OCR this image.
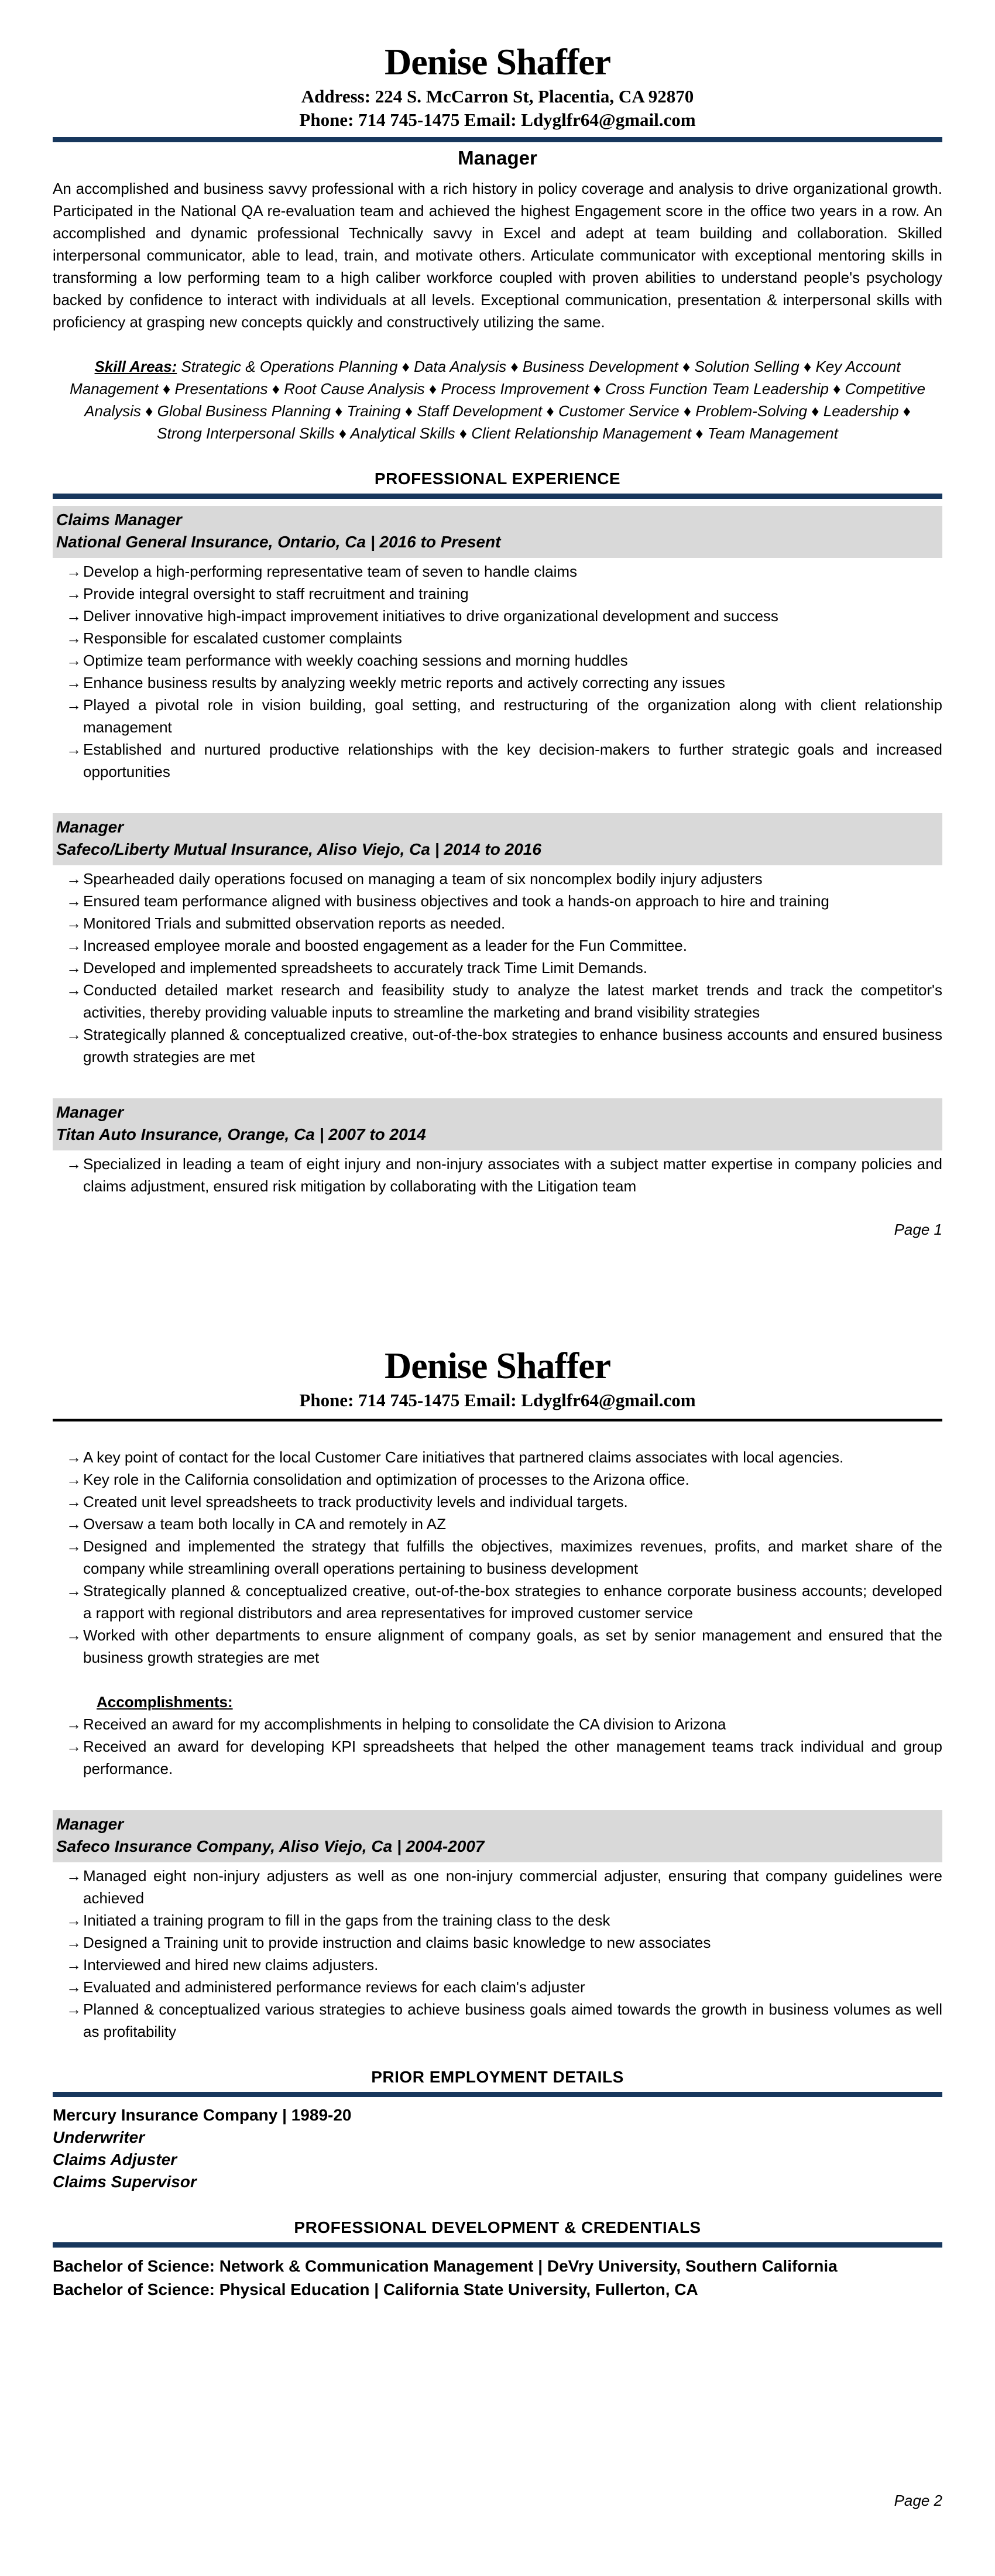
Denise Shaffer
Address: 224 S. McCarron St, Placentia, CA 92870
Phone: 714 745-1475 Email: Ldyglfr64@gmail.com
Manager

An accomplished and business savvy professional with a rich history in policy coverage and analysis to drive organizational growth. Participated in the National QA re-evaluation team and achieved the highest Engagement score in the office two years in a row. An accomplished and dynamic professional Technically savvy in Excel and adept at team building and collaboration. Skilled interpersonal communicator, able to lead, train, and motivate others. Articulate communicator with exceptional mentoring skills in transforming a low performing team to a high caliber workforce coupled with proven abilities to understand people's psychology backed by confidence to interact with individuals at all levels. Exceptional communication, presentation & interpersonal skills with proficiency at grasping new concepts quickly and constructively utilizing the same.

Skill Areas: Strategic & Operations Planning ♦ Data Analysis ♦ Business Development ♦ Solution Selling ♦ Key Account Management ♦ Presentations ♦ Root Cause Analysis ♦ Process Improvement ♦ Cross Function Team Leadership ♦ Competitive Analysis ♦ Global Business Planning ♦ Training ♦ Staff Development ♦ Customer Service ♦ Problem-Solving ♦ Leadership ♦ Strong Interpersonal Skills ♦ Analytical Skills ♦ Client Relationship Management ♦ Team Management

PROFESSIONAL EXPERIENCE
Claims Manager
National General Insurance, Ontario, Ca | 2016 to Present
→ Develop a high-performing representative team of seven to handle claims
→ Provide integral oversight to staff recruitment and training
→ Deliver innovative high-impact improvement initiatives to drive organizational development and success
→ Responsible for escalated customer complaints
→ Optimize team performance with weekly coaching sessions and morning huddles
→ Enhance business results by analyzing weekly metric reports and actively correcting any issues
→ Played a pivotal role in vision building, goal setting, and restructuring of the organization along with client relationship management
→ Established and nurtured productive relationships with the key decision-makers to further strategic goals and increased opportunities
Manager
Safeco/Liberty Mutual Insurance, Aliso Viejo, Ca | 2014 to 2016
→ Spearheaded daily operations focused on managing a team of six noncomplex bodily injury adjusters
→ Ensured team performance aligned with business objectives and took a hands-on approach to hire and training
→ Monitored Trials and submitted observation reports as needed.
→ Increased employee morale and boosted engagement as a leader for the Fun Committee.
→ Developed and implemented spreadsheets to accurately track Time Limit Demands.
→ Conducted detailed market research and feasibility study to analyze the latest market trends and track the competitor's activities, thereby providing valuable inputs to streamline the marketing and brand visibility strategies
→ Strategically planned & conceptualized creative, out-of-the-box strategies to enhance business accounts and ensured business growth strategies are met
Manager
Titan Auto Insurance, Orange, Ca | 2007 to 2014
→ Specialized in leading a team of eight injury and non-injury associates with a subject matter expertise in company policies and claims adjustment, ensured risk mitigation by collaborating with the Litigation team
Page 1
Denise Shaffer
Phone: 714 745-1475 Email: Ldyglfr64@gmail.com
→ A key point of contact for the local Customer Care initiatives that partnered claims associates with local agencies.
→ Key role in the California consolidation and optimization of processes to the Arizona office.
→ Created unit level spreadsheets to track productivity levels and individual targets.
→ Oversaw a team both locally in CA and remotely in AZ
→ Designed and implemented the strategy that fulfills the objectives, maximizes revenues, profits, and market share of the company while streamlining overall operations pertaining to business development
→ Strategically planned & conceptualized creative, out-of-the-box strategies to enhance corporate business accounts; developed a rapport with regional distributors and area representatives for improved customer service
→ Worked with other departments to ensure alignment of company goals, as set by senior management and ensured that the business growth strategies are met
Accomplishments:
→ Received an award for my accomplishments in helping to consolidate the CA division to Arizona
→ Received an award for developing KPI spreadsheets that helped the other management teams track individual and group performance.
Manager
Safeco Insurance Company, Aliso Viejo, Ca | 2004-2007
→ Managed eight non-injury adjusters as well as one non-injury commercial adjuster, ensuring that company guidelines were achieved
→ Initiated a training program to fill in the gaps from the training class to the desk
→ Designed a Training unit to provide instruction and claims basic knowledge to new associates
→ Interviewed and hired new claims adjusters.
→ Evaluated and administered performance reviews for each claim's adjuster
→ Planned & conceptualized various strategies to achieve business goals aimed towards the growth in business volumes as well as profitability
PRIOR EMPLOYMENT DETAILS
Mercury Insurance Company | 1989-20
Underwriter
Claims Adjuster
Claims Supervisor
PROFESSIONAL DEVELOPMENT & CREDENTIALS
Bachelor of Science: Network & Communication Management | DeVry University, Southern California
Bachelor of Science: Physical Education | California State University, Fullerton, CA
Page 2
